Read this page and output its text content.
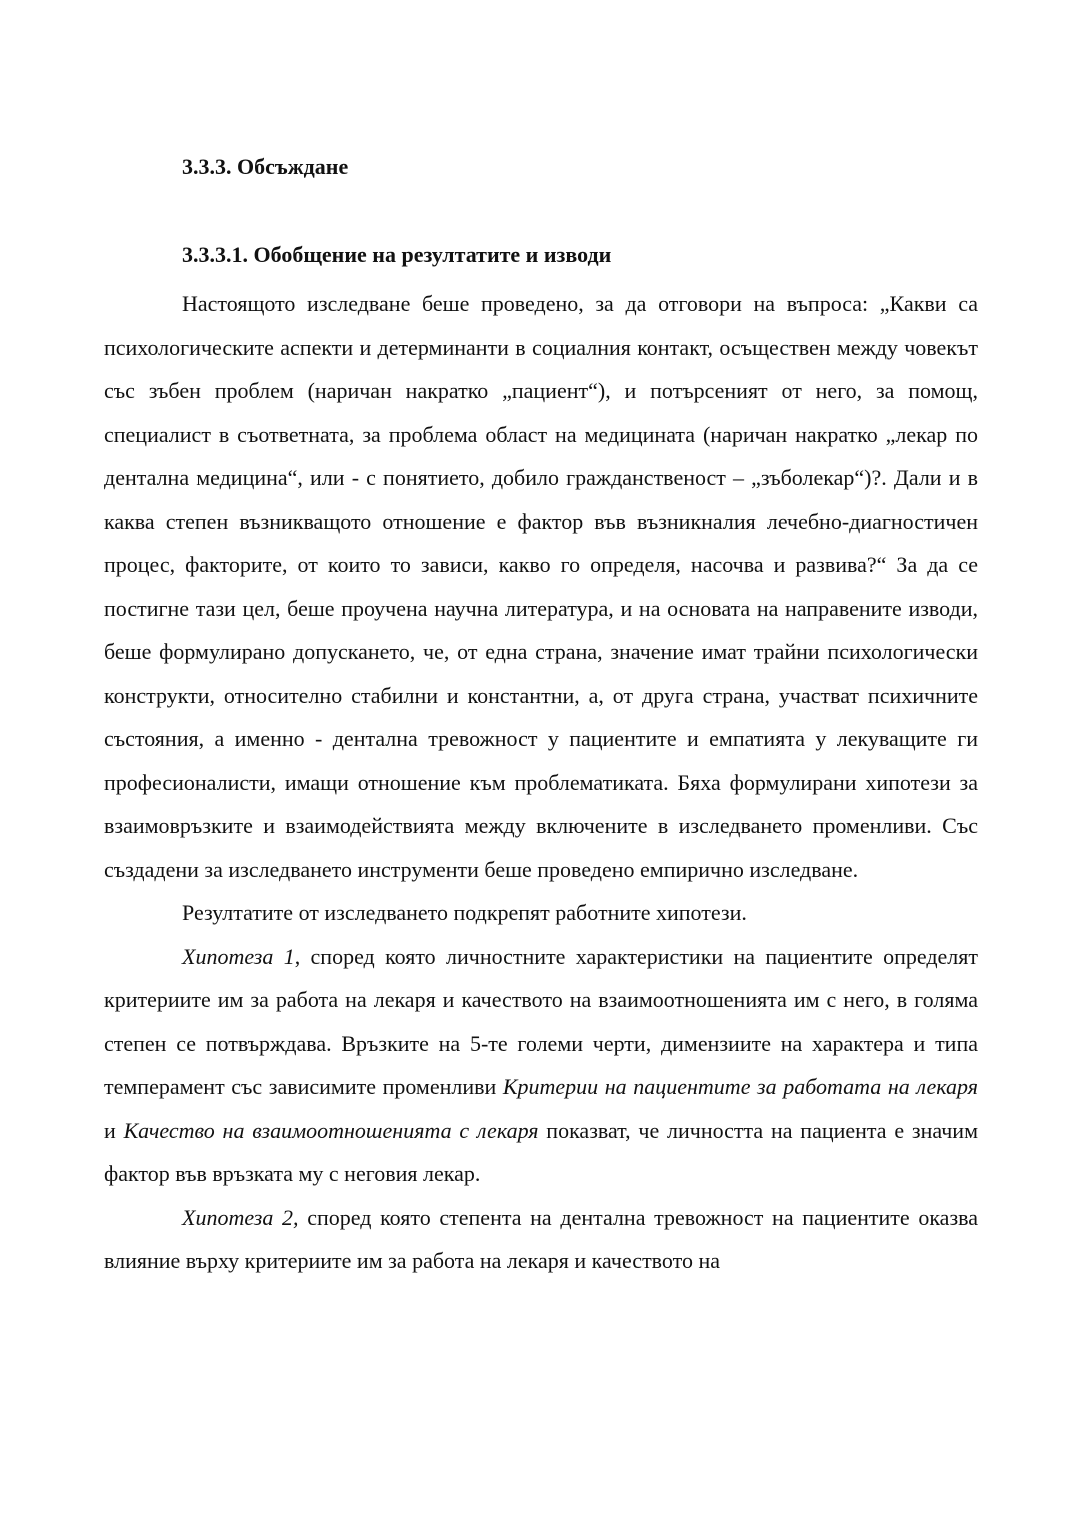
3.3.3. Обсъждане
3.3.3.1. Обобщение на резултатите и изводи

Настоящото изследване беше проведено, за да отговори на въпроса: „Какви са психологическите аспекти и детерминанти в социалния контакт, осъществен между човекът със зъбен проблем (наричан накратко „пациент“), и потърсеният от него, за помощ, специалист в съответната, за проблема област на медицината (наричан накратко „лекар по дентална медицина“, или - с понятието, добило гражданственост – „зъболекар“)?. Дали и в каква степен възникващото отношение е фактор във възникналия лечебно-диагностичен процес, факторите, от които то зависи, какво го определя, насочва и развива?“ За да се постигне тази цел, беше проучена научна литература, и на основата на направените изводи, беше формулирано допускането, че, от една страна, значение имат трайни психологически конструкти, относително стабилни и константни, а, от друга страна, участват психичните състояния, а именно - дентална тревожност у пациентите и емпатията у лекуващите ги професионалисти, имащи отношение към проблематиката. Бяха формулирани хипотези за взаимовръзките и взаимодействията между включените в изследването променливи. Със създадени за изследването инструменти беше проведено емпирично изследване.

Резултатите от изследването подкрепят работните хипотези.

Хипотеза 1, според която личностните характеристики на пациентите определят критериите им за работа на лекаря и качеството на взаимоотношенията им с него, в голяма степен се потвърждава. Връзките на 5-те големи черти, димензиите на характера и типа темперамент със зависимите променливи Критерии на пациентите за работата на лекаря и Качество на взаимоотношенията с лекаря показват, че личността на пациента е значим фактор във връзката му с неговия лекар.

Хипотеза 2, според която степента на дентална тревожност на пациентите оказва влияние върху критериите им за работа на лекаря и качеството на
